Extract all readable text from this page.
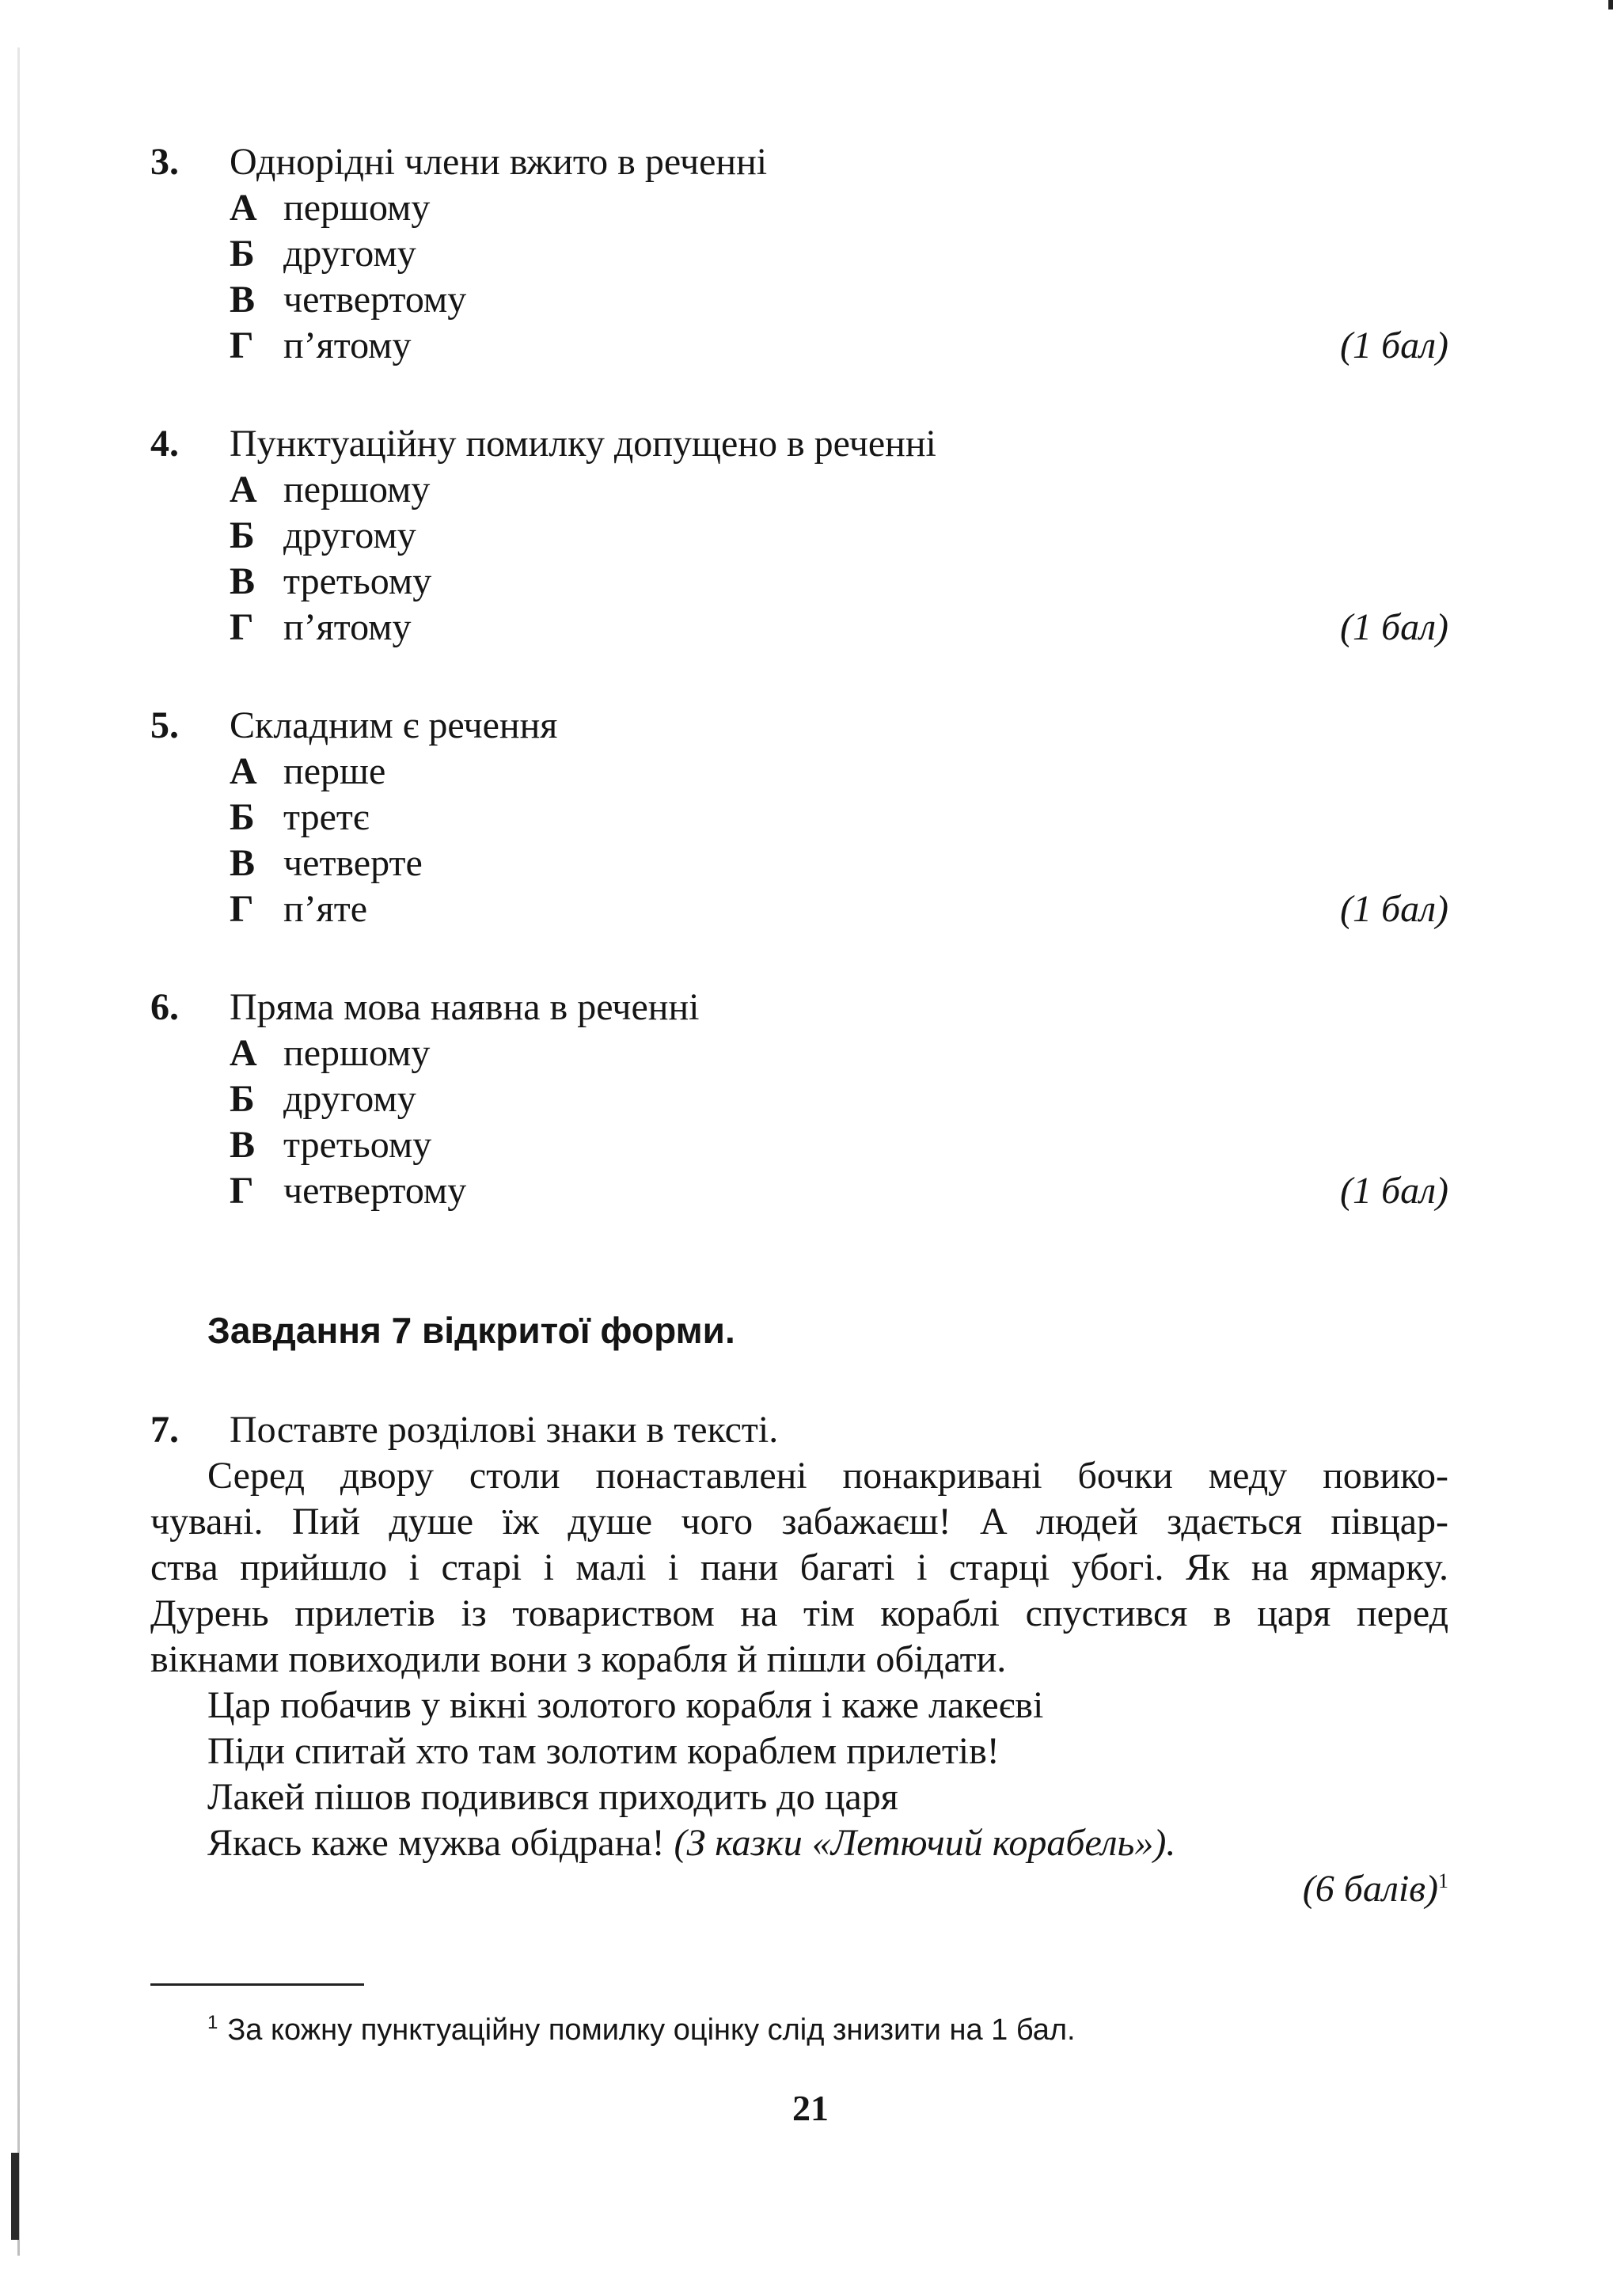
3. Однорідні члени вжито в реченні
А першому
Б другому
В четвертому
Г п’ятому	(1 бал)
4. Пунктуаційну помилку допущено в реченні
А першому
Б другому
В третьому
Г п’ятому	(1 бал)
5. Складним є речення
А перше
Б третє
В четверте
Г п’яте	(1 бал)
6. Пряма мова наявна в реченні
А першому
Б другому
В третьому
Г четвертому	(1 бал)
Завдання 7 відкритої форми.
7. Поставте розділові знаки в тексті.
Серед двору столи понаставлені понакривані бочки меду повико-
чувані. Пий душе їж душе чого забажаєш! А людей здається півцар-
ства прийшло і старі і малі і пани багаті і старці убогі. Як на ярмарку.
Дурень прилетів із товариством на тім кораблі спустився в царя перед
вікнами повиходили вони з корабля й пішли обідати.
Цар побачив у вікні золотого корабля і каже лакеєві
Піди спитай хто там золотим кораблем прилетів!
Лакей пішов подивився приходить до царя
Якась каже мужва обідрана! (З казки «Летючий корабель»).
(6 балів)$^1$
$^1$ За кожну пунктуаційну помилку оцінку слід знизити на 1 бал.
21
